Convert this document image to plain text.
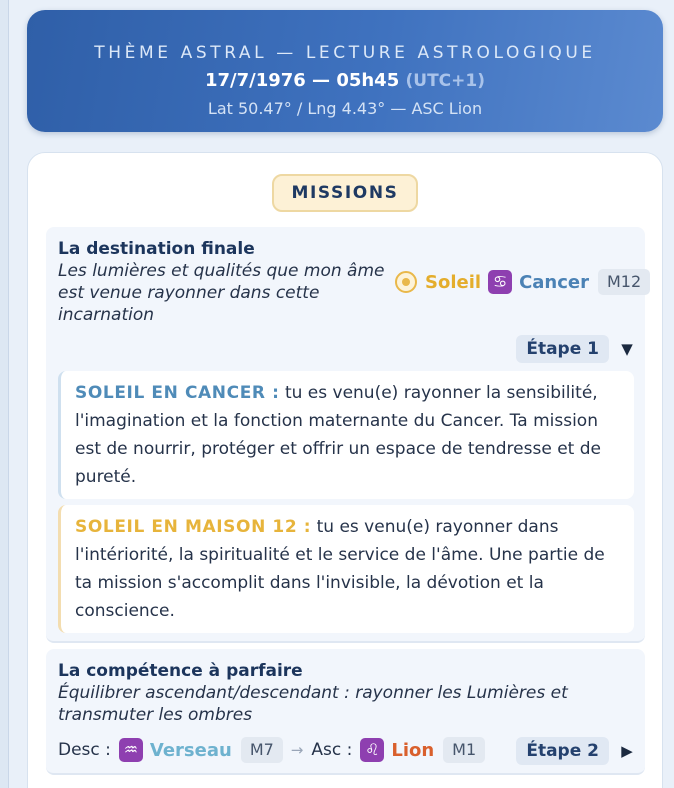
THÈME ASTRAL — LECTURE ASTROLOGIQUE
17/7/1976 — 05h45 (UTC+1)
Lat 50.47° / Lng 4.43° — ASC Lion
MISSIONS
La destination finale
Les lumières et qualités que mon âme est venue rayonner dans cette incarnation
Soleil ♋ Cancer	M12
Étape 1	▼
SOLEIL EN CANCER : tu es venu(e) rayonner la sensibilité, l'imagination et la fonction maternante du Cancer. Ta mission est de nourrir, protéger et offrir un espace de tendresse et de pureté.
SOLEIL EN MAISON 12 : tu es venu(e) rayonner dans l'intériorité, la spiritualité et le service de l'âme. Une partie de ta mission s'accomplit dans l'invisible, la dévotion et la conscience.
La compétence à parfaire
Équilibrer ascendant/descendant : rayonner les Lumières et transmuter les ombres
Desc : ♒ Verseau	M7	→ Asc : ♌ Lion	M1	Étape 2	▶
